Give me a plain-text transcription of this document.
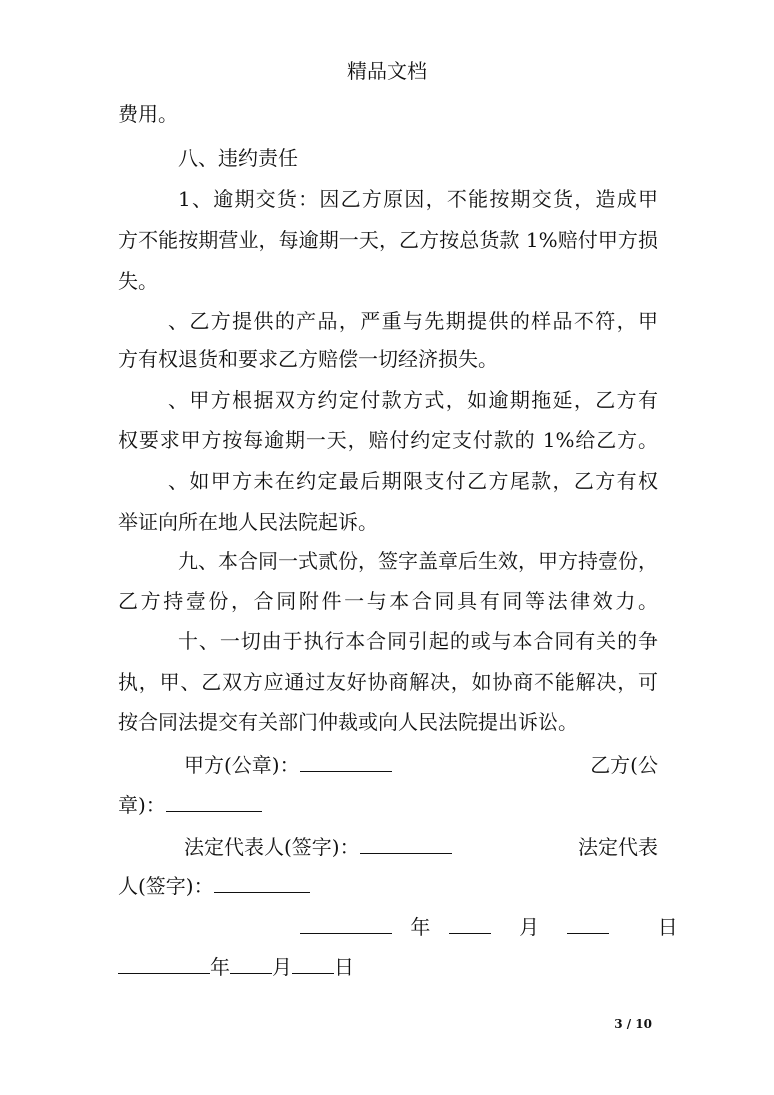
精品文档
费用。
八、违约责任
1、逾期交货：因乙方原因，不能按期交货，造成甲
方不能按期营业，每逾期一天，乙方按总货款 1%赔付甲方损
失。
、乙方提供的产品，严重与先期提供的样品不符，甲
方有权退货和要求乙方赔偿一切经济损失。
、甲方根据双方约定付款方式，如逾期拖延，乙方有
权要求甲方按每逾期一天，赔付约定支付款的 1%给乙方。
、如甲方未在约定最后期限支付乙方尾款，乙方有权
举证向所在地人民法院起诉。
九、本合同一式贰份，签字盖章后生效，甲方持壹份，
乙方持壹份，合同附件一与本合同具有同等法律效力。
十、一切由于执行本合同引起的或与本合同有关的争
执，甲、乙双方应通过友好协商解决，如协商不能解决，可
按合同法提交有关部门仲裁或向人民法院提出诉讼。
甲方(公章)：	乙方(公
章)：
法定代表人(签字)：	法定代表
人(签字)：
年	月	日
年 月 日
3 / 10
